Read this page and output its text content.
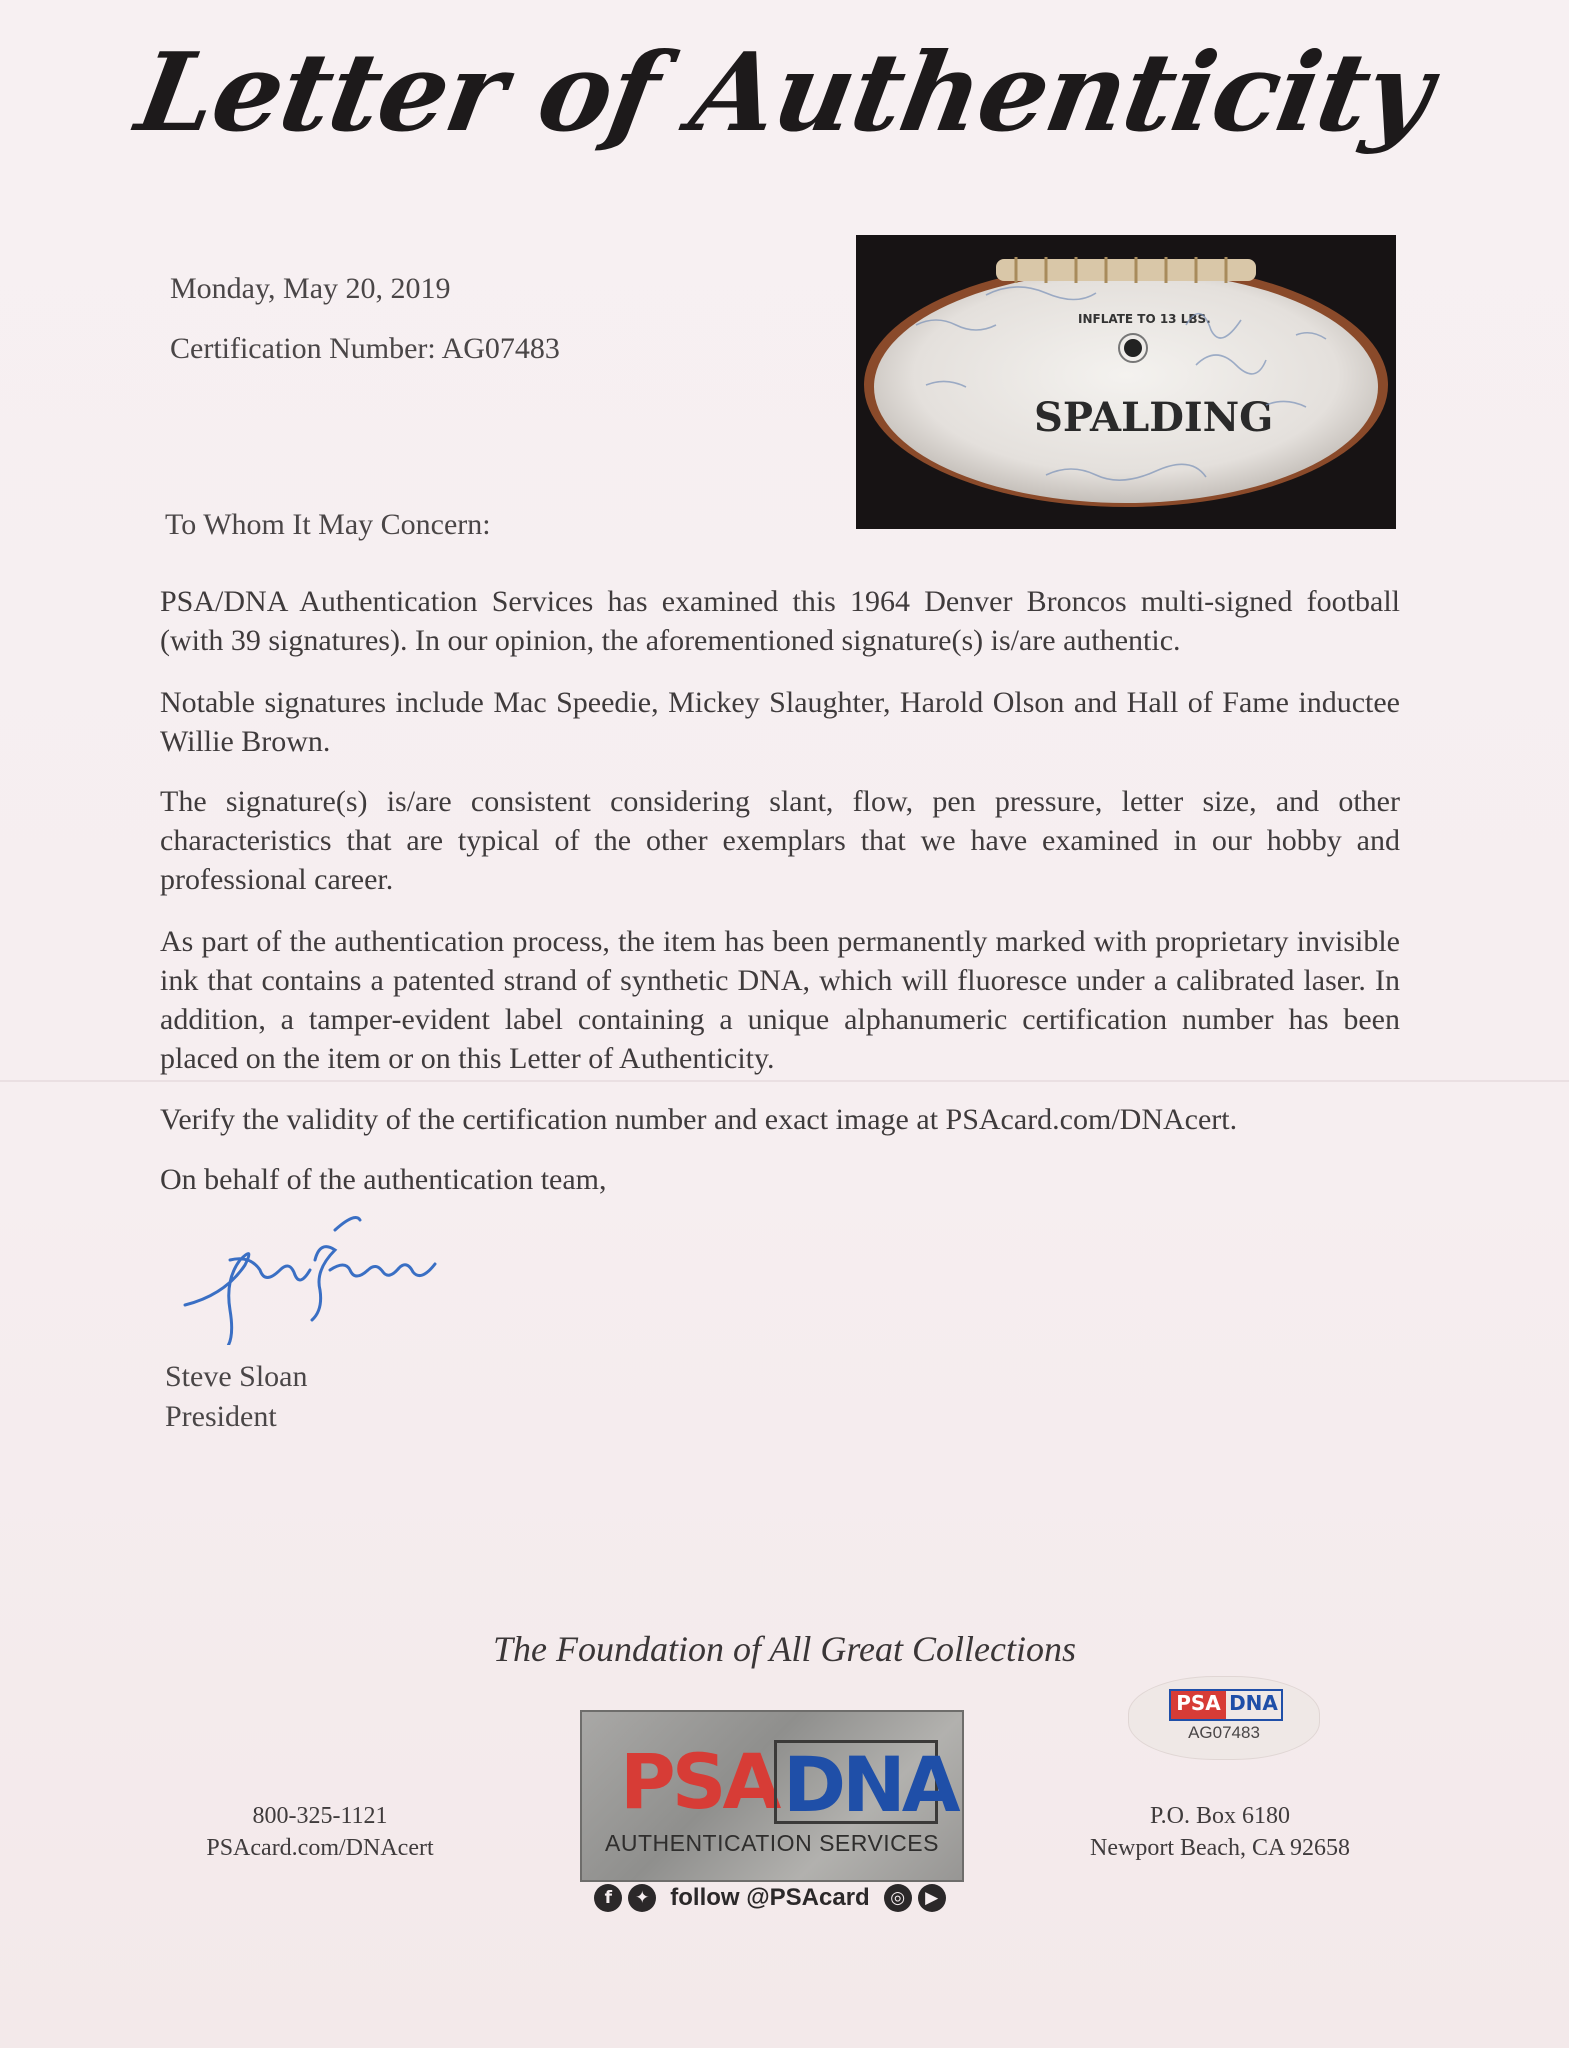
Letter of Authenticity
Monday, May 20, 2019
Certification Number: AG07483
INFLATE TO 13 LBS.
SPALDING
To Whom It May Concern:

PSA/DNA Authentication Services has examined this 1964 Denver Broncos multi-signed football (with 39 signatures). In our opinion, the aforementioned signature(s) is/are authentic.

Notable signatures include Mac Speedie, Mickey Slaughter, Harold Olson and Hall of Fame inductee Willie Brown.

The signature(s) is/are consistent considering slant, flow, pen pressure, letter size, and other characteristics that are typical of the other exemplars that we have examined in our hobby and professional career.

As part of the authentication process, the item has been permanently marked with proprietary invisible ink that contains a patented strand of synthetic DNA, which will fluoresce under a calibrated laser. In addition, a tamper-evident label containing a unique alphanumeric certification number has been placed on the item or on this Letter of Authenticity.

Verify the validity of the certification number and exact image at PSAcard.com/DNAcert.

On behalf of the authentication team,

Steve Sloan
President
The Foundation of All Great Collections
800-325-1121
PSAcard.com/DNAcert
PSA DNA
AUTHENTICATION SERVICES
f	✦ follow @PSAcard	◎	▶
PSA DNA
AG07483
P.O. Box 6180
Newport Beach, CA 92658
